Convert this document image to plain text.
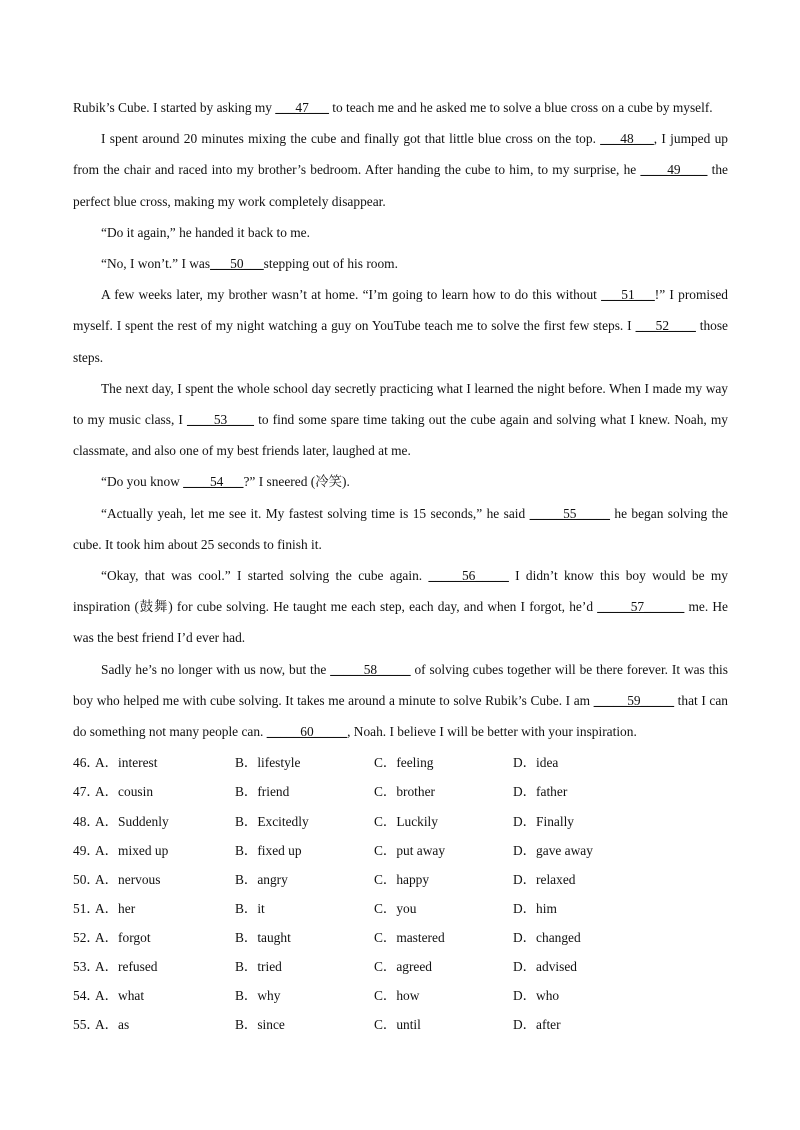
Rubik’s Cube. I started by asking my ___47___ to teach me and he asked me to solve a blue cross on a cube by myself.

I spent around 20 minutes mixing the cube and finally got that little blue cross on the top. ___48___, I jumped up from the chair and raced into my brother’s bedroom. After handing the cube to him, to my surprise, he ____49____ the perfect blue cross, making my work completely disappear.

“Do it again,” he handed it back to me.

“No, I won’t.” I was___50___stepping out of his room.

A few weeks later, my brother wasn’t at home. “I’m going to learn how to do this without ___51___!” I promised myself. I spent the rest of my night watching a guy on YouTube teach me to solve the first few steps. I ___52____ those steps.

The next day, I spent the whole school day secretly practicing what I learned the night before. When I made my way to my music class, I ____53____ to find some spare time taking out the cube again and solving what I knew. Noah, my classmate, and also one of my best friends later, laughed at me.

“Do you know ____54___?” I sneered (冷笑).

“Actually yeah, let me see it. My fastest solving time is 15 seconds,” he said _____55_____ he began solving the cube. It took him about 25 seconds to finish it.

“Okay, that was cool.” I started solving the cube again. _____56_____ I didn’t know this boy would be my inspiration (鼓舞) for cube solving. He taught me each step, each day, and when I forgot, he’d _____57______ me. He was the best friend I’d ever had.

Sadly he’s no longer with us now, but the _____58_____ of solving cubes together will be there forever. It was this boy who helped me with cube solving. It takes me around a minute to solve Rubik’s Cube. I am _____59_____ that I can do something not many people can. _____60_____, Noah. I believe I will be better with your inspiration.

46．
A．interest	B．lifestyle	C．feeling	D．idea
47．
A．cousin	B．friend	C．brother	D．father
48．
A．Suddenly	B．Excitedly	C．Luckily	D．Finally
49．
A．mixed up	B．fixed up	C．put away	D．gave away
50．
A．nervous	B．angry	C．happy	D．relaxed
51．
A．her	B．it	C．you	D．him
52．
A．forgot	B．taught	C．mastered	D．changed
53．
A．refused	B．tried	C．agreed	D．advised
54．
A．what	B．why	C．how	D．who
55．
A．as	B．since	C．until	D．after
